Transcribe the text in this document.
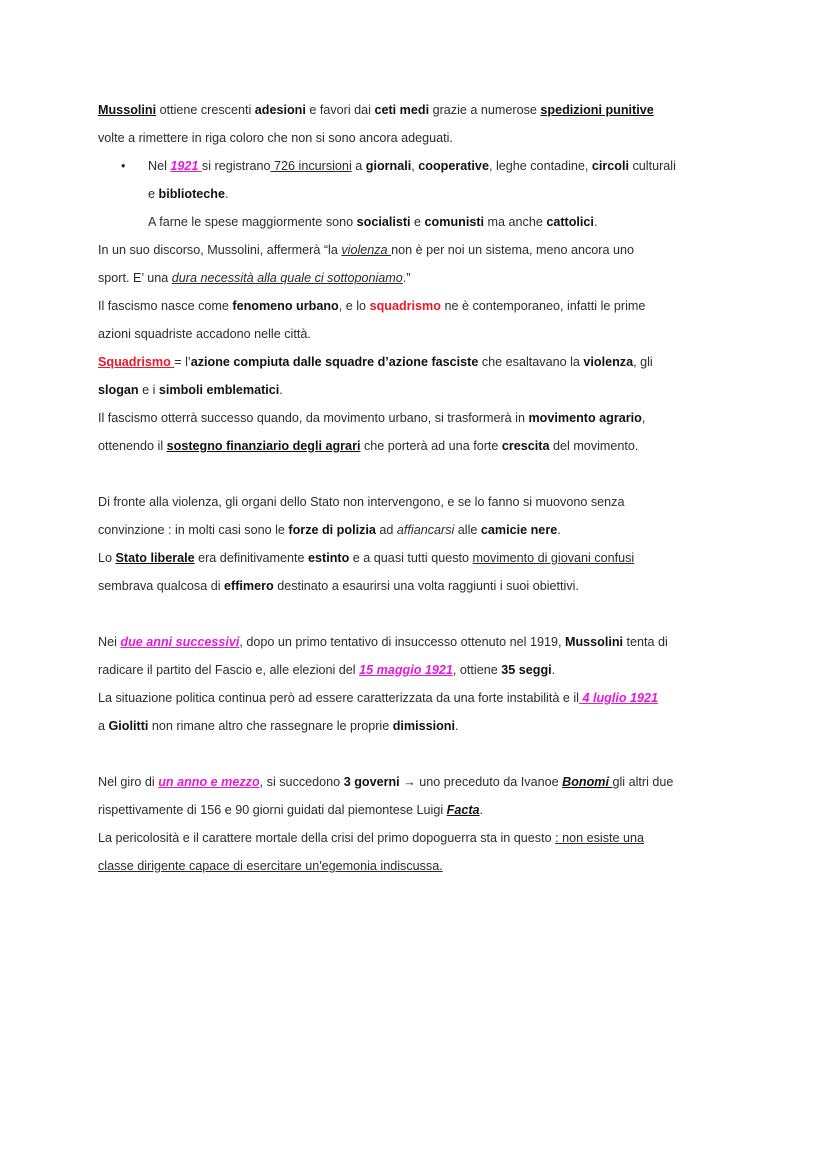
Mussolini ottiene crescenti adesioni e favori dai ceti medi grazie a numerose spedizioni punitive
volte a rimettere in riga coloro che non si sono ancora adeguati.
• Nel 1921 si registrano 726 incursioni a giornali, cooperative, leghe contadine, circoli culturali
e biblioteche.
A farne le spese maggiormente sono socialisti e comunisti ma anche cattolici.
In un suo discorso, Mussolini, affermerà “la violenza non è per noi un sistema, meno ancora uno
sport. E’ una dura necessità alla quale ci sottoponiamo.”
Il fascismo nasce come fenomeno urbano, e lo squadrismo ne è contemporaneo, infatti le prime
azioni squadriste accadono nelle città.
Squadrismo = l’azione compiuta dalle squadre d’azione fasciste che esaltavano la violenza, gli
slogan e i simboli emblematici.
Il fascismo otterrà successo quando, da movimento urbano, si trasformerà in movimento agrario,
ottenendo il sostegno finanziario degli agrari che porterà ad una forte crescita del movimento.
Di fronte alla violenza, gli organi dello Stato non intervengono, e se lo fanno si muovono senza
convinzione : in molti casi sono le forze di polizia ad affiancarsi alle camicie nere.
Lo Stato liberale era definitivamente estinto e a quasi tutti questo movimento di giovani confusi
sembrava qualcosa di effimero destinato a esaurirsi una volta raggiunti i suoi obiettivi.
Nei due anni successivi, dopo un primo tentativo di insuccesso ottenuto nel 1919, Mussolini tenta di
radicare il partito del Fascio e, alle elezioni del 15 maggio 1921, ottiene 35 seggi.
La situazione politica continua però ad essere caratterizzata da una forte instabilità e il 4 luglio 1921
a Giolitti non rimane altro che rassegnare le proprie dimissioni.
Nel giro di un anno e mezzo, si succedono 3 governi → uno preceduto da Ivanoe Bonomi gli altri due
rispettivamente di 156 e 90 giorni guidati dal piemontese Luigi Facta.
La pericolosità e il carattere mortale della crisi del primo dopoguerra sta in questo : non esiste una
classe dirigente capace di esercitare un'egemonia indiscussa.
